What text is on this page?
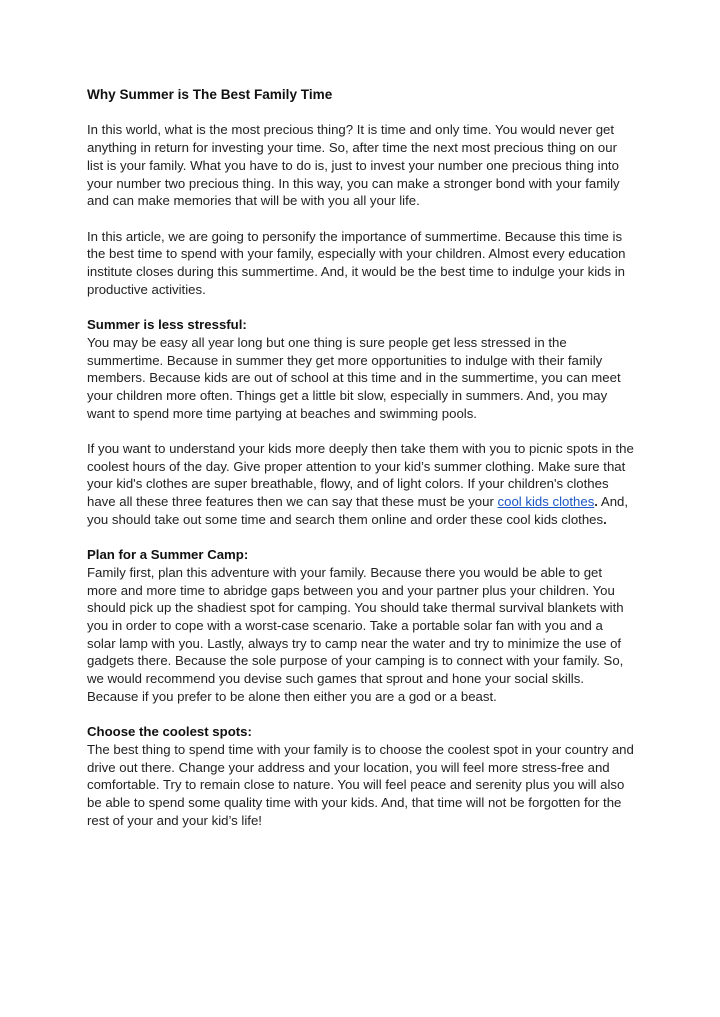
Why Summer is The Best Family Time

In this world, what is the most precious thing? It is time and only time. You would never get anything in return for investing your time. So, after time the next most precious thing on our list is your family. What you have to do is, just to invest your number one precious thing into your number two precious thing. In this way, you can make a stronger bond with your family and can make memories that will be with you all your life.

In this article, we are going to personify the importance of summertime. Because this time is the best time to spend with your family, especially with your children. Almost every education institute closes during this summertime. And, it would be the best time to indulge your kids in productive activities.

Summer is less stressful:
You may be easy all year long but one thing is sure people get less stressed in the summertime. Because in summer they get more opportunities to indulge with their family members. Because kids are out of school at this time and in the summertime, you can meet your children more often. Things get a little bit slow, especially in summers. And, you may want to spend more time partying at beaches and swimming pools.

If you want to understand your kids more deeply then take them with you to picnic spots in the coolest hours of the day. Give proper attention to your kid’s summer clothing. Make sure that your kid's clothes are super breathable, flowy, and of light colors. If your children's clothes have all these three features then we can say that these must be your cool kids clothes. And, you should take out some time and search them online and order these cool kids clothes.

Plan for a Summer Camp:
Family first, plan this adventure with your family. Because there you would be able to get more and more time to abridge gaps between you and your partner plus your children. You should pick up the shadiest spot for camping. You should take thermal survival blankets with you in order to cope with a worst-case scenario. Take a portable solar fan with you and a solar lamp with you. Lastly, always try to camp near the water and try to minimize the use of gadgets there. Because the sole purpose of your camping is to connect with your family. So, we would recommend you devise such games that sprout and hone your social skills. Because if you prefer to be alone then either you are a god or a beast.

Choose the coolest spots:
The best thing to spend time with your family is to choose the coolest spot in your country and drive out there. Change your address and your location, you will feel more stress-free and comfortable. Try to remain close to nature. You will feel peace and serenity plus you will also be able to spend some quality time with your kids. And, that time will not be forgotten for the rest of your and your kid’s life!
